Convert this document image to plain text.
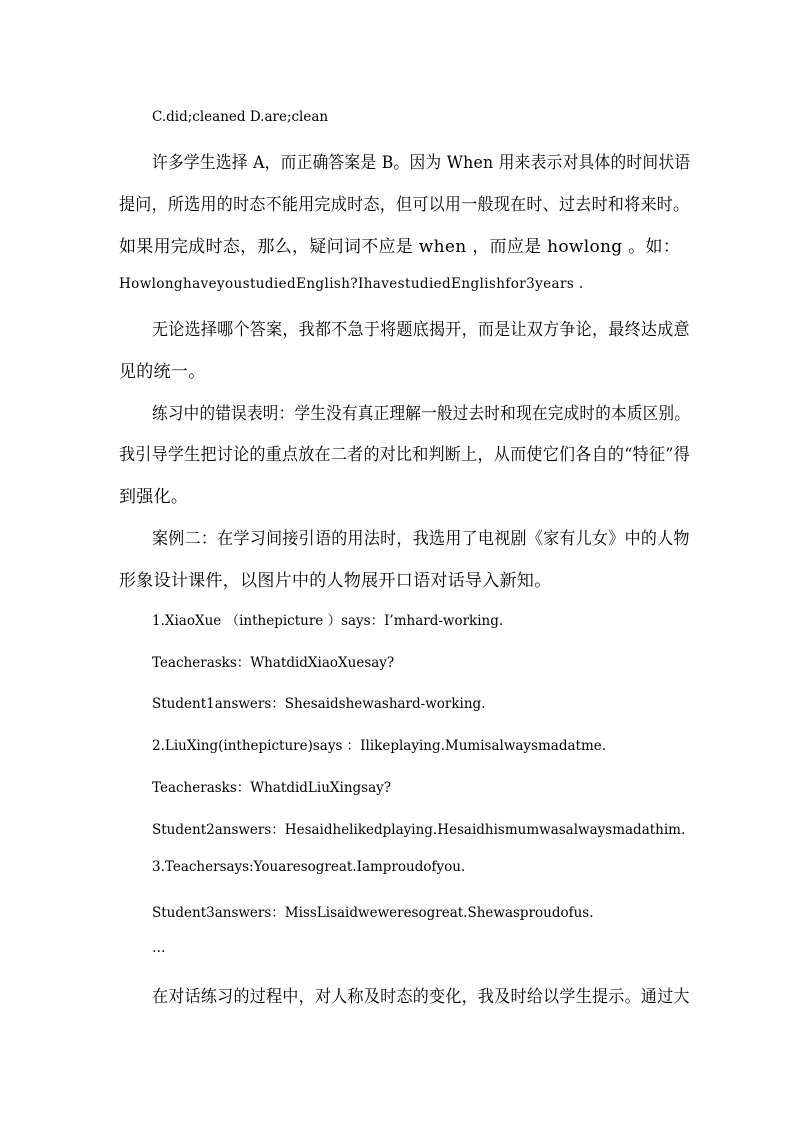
C.did;cleaned D.are;clean
许多学生选择 A，而正确答案是 B。因为 When 用来表示对具体的时间状语
提问，所选用的时态不能用完成时态，但可以用一般现在时、过去时和将来时。
如果用完成时态，那么，疑问词不应是 when ，而应是 howlong 。如：
HowlonghaveyoustudiedEnglish?IhavestudiedEnglishfor3years .
无论选择哪个答案，我都不急于将题底揭开，而是让双方争论，最终达成意
见的统一。
练习中的错误表明：学生没有真正理解一般过去时和现在完成时的本质区别。
我引导学生把讨论的重点放在二者的对比和判断上，从而使它们各自的“特征”得
到强化。
案例二：在学习间接引语的用法时，我选用了电视剧《家有儿女》中的人物
形象设计课件，以图片中的人物展开口语对话导入新知。
1.XiaoXue （inthepicture ）says：I’mhard-working.
Teacherasks：WhatdidXiaoXuesay?
Student1answers：Shesaidshewashard-working.
2.LiuXing(inthepicture)says ：Ilikeplaying.Mumisalwaysmadatme.
Teacherasks：WhatdidLiuXingsay?
Student2answers：Hesaidhelikedplaying.Hesaidhismumwasalwaysmadathim.
3.Teachersays:Youaresogreat.Iamproudofyou.
Student3answers：MissLisaidweweresogreat.Shewasproudofus.
…
在对话练习的过程中，对人称及时态的变化，我及时给以学生提示。通过大
